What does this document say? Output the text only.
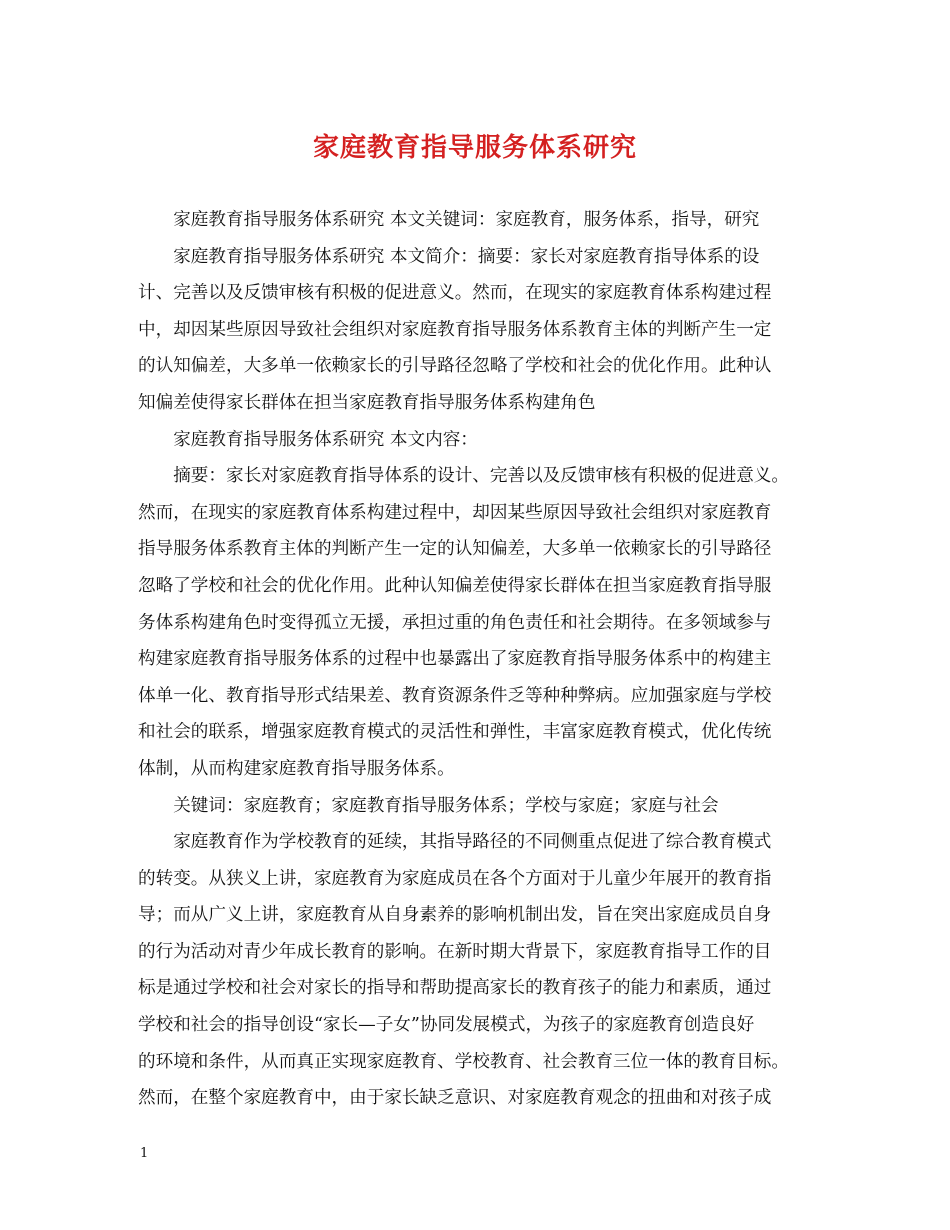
家庭教育指导服务体系研究
家庭教育指导服务体系研究 本文关键词：家庭教育，服务体系，指导，研究
家庭教育指导服务体系研究 本文简介：摘要：家长对家庭教育指导体系的设
计、完善以及反馈审核有积极的促进意义。然而，在现实的家庭教育体系构建过程
中，却因某些原因导致社会组织对家庭教育指导服务体系教育主体的判断产生一定
的认知偏差，大多单一依赖家长的引导路径忽略了学校和社会的优化作用。此种认
知偏差使得家长群体在担当家庭教育指导服务体系构建角色
家庭教育指导服务体系研究 本文内容：
摘要：家长对家庭教育指导体系的设计、完善以及反馈审核有积极的促进意义。
然而，在现实的家庭教育体系构建过程中，却因某些原因导致社会组织对家庭教育
指导服务体系教育主体的判断产生一定的认知偏差，大多单一依赖家长的引导路径
忽略了学校和社会的优化作用。此种认知偏差使得家长群体在担当家庭教育指导服
务体系构建角色时变得孤立无援，承担过重的角色责任和社会期待。在多领域参与
构建家庭教育指导服务体系的过程中也暴露出了家庭教育指导服务体系中的构建主
体单一化、教育指导形式结果差、教育资源条件乏等种种弊病。应加强家庭与学校
和社会的联系，增强家庭教育模式的灵活性和弹性，丰富家庭教育模式，优化传统
体制，从而构建家庭教育指导服务体系。
关键词：家庭教育；家庭教育指导服务体系；学校与家庭；家庭与社会
家庭教育作为学校教育的延续，其指导路径的不同侧重点促进了综合教育模式
的转变。从狭义上讲，家庭教育为家庭成员在各个方面对于儿童少年展开的教育指
导；而从广义上讲，家庭教育从自身素养的影响机制出发，旨在突出家庭成员自身
的行为活动对青少年成长教育的影响。在新时期大背景下，家庭教育指导工作的目
标是通过学校和社会对家长的指导和帮助提高家长的教育孩子的能力和素质，通过
学校和社会的指导创设“家长—子女”协同发展模式，为孩子的家庭教育创造良好
的环境和条件，从而真正实现家庭教育、学校教育、社会教育三位一体的教育目标。
然而，在整个家庭教育中，由于家长缺乏意识、对家庭教育观念的扭曲和对孩子成
1
